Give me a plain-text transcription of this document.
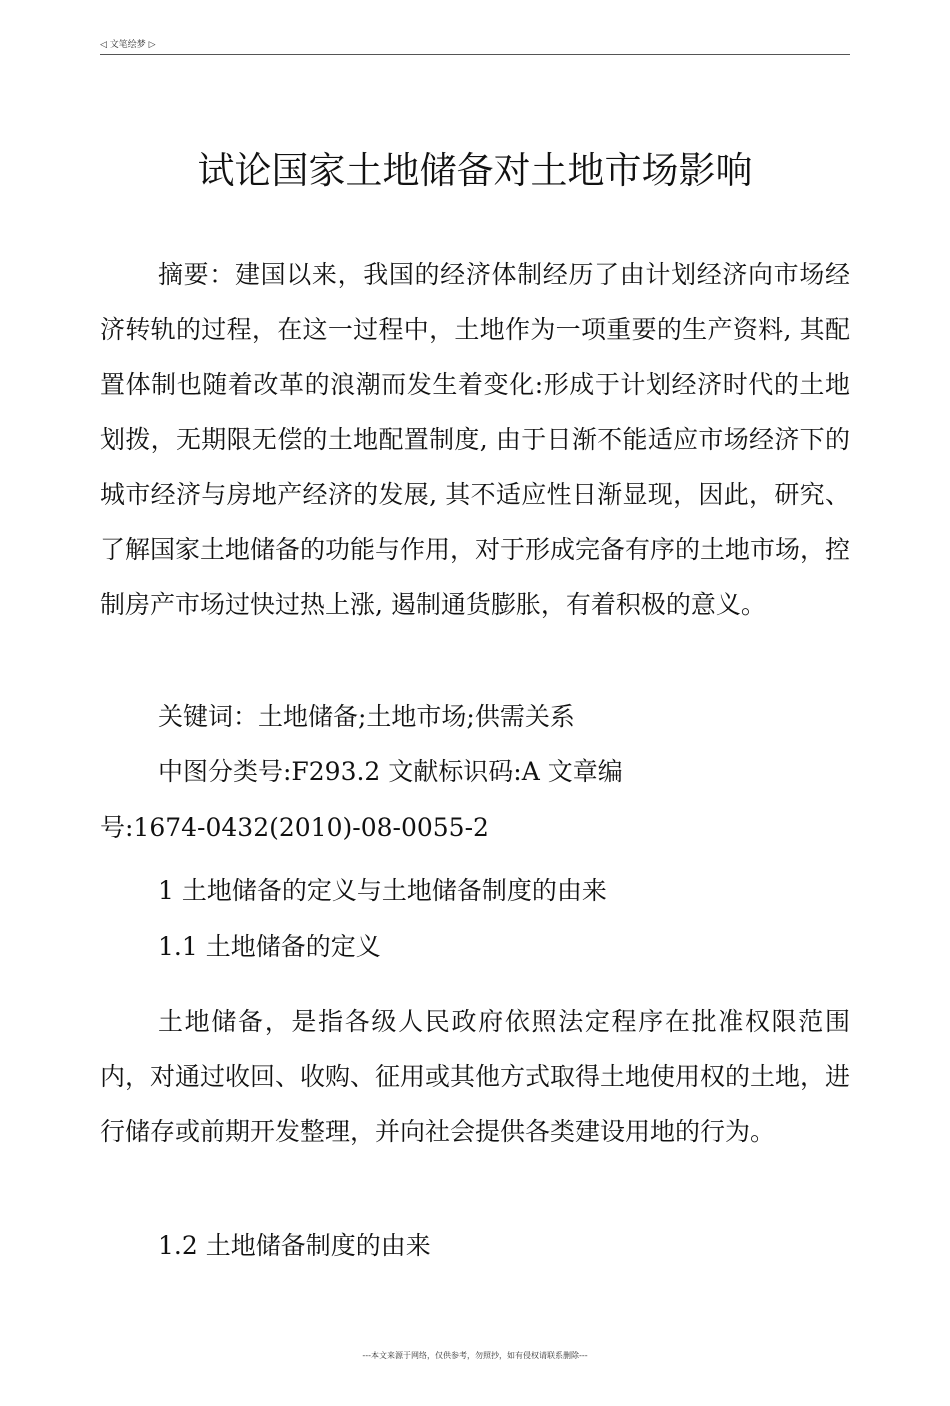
◁ 文笔绘梦 ▷
试论国家土地储备对土地市场影响

摘要：建国以来，我国的经济体制经历了由计划经济向市场经济转轨的过程，在这一过程中，土地作为一项重要的生产资料, 其配置体制也随着改革的浪潮而发生着变化:形成于计划经济时代的土地划拨，无期限无偿的土地配置制度, 由于日渐不能适应市场经济下的城市经济与房地产经济的发展, 其不适应性日渐显现，因此，研究、了解国家土地储备的功能与作用，对于形成完备有序的土地市场，控制房产市场过快过热上涨, 遏制通货膨胀，有着积极的意义。

关键词：土地储备;土地市场;供需关系

中图分类号:F293.2 文献标识码:A 文章编

号:1674-0432(2010)-08-0055-2

1 土地储备的定义与土地储备制度的由来

1.1 土地储备的定义

土地储备，是指各级人民政府依照法定程序在批准权限范围内，对通过收回、收购、征用或其他方式取得土地使用权的土地，进行储存或前期开发整理，并向社会提供各类建设用地的行为。

1.2 土地储备制度的由来

---本文来源于网络，仅供参考，勿照抄，如有侵权请联系删除---
